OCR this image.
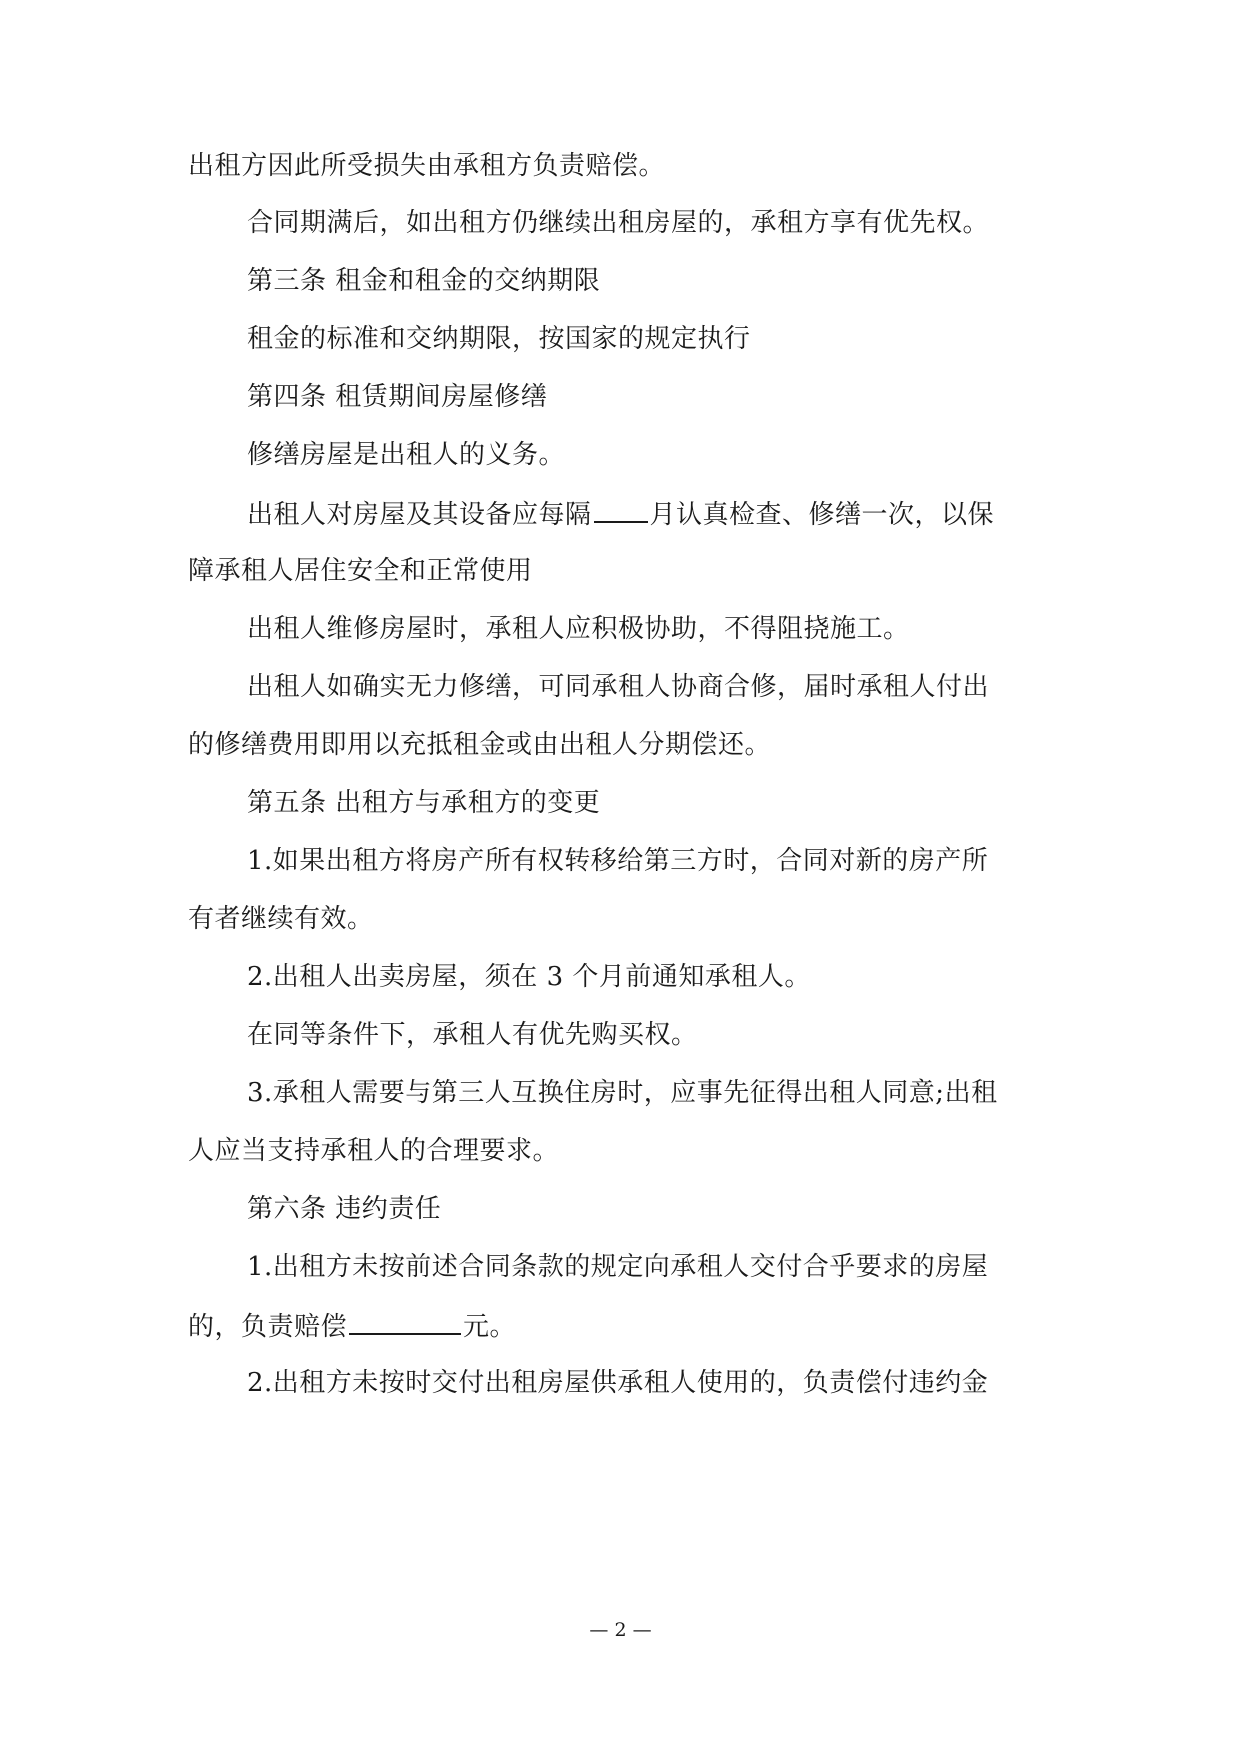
出租方因此所受损失由承租方负责赔偿。
合同期满后，如出租方仍继续出租房屋的，承租方享有优先权。
第三条 租金和租金的交纳期限
租金的标准和交纳期限，按国家的规定执行
第四条 租赁期间房屋修缮
修缮房屋是出租人的义务。
出租人对房屋及其设备应每隔 月认真检查、修缮一次，以保
障承租人居住安全和正常使用
出租人维修房屋时，承租人应积极协助，不得阻挠施工。
出租人如确实无力修缮，可同承租人协商合修，届时承租人付出
的修缮费用即用以充抵租金或由出租人分期偿还。
第五条 出租方与承租方的变更
1.如果出租方将房产所有权转移给第三方时，合同对新的房产所
有者继续有效。
2.出租人出卖房屋，须在 3 个月前通知承租人。
在同等条件下，承租人有优先购买权。
3.承租人需要与第三人互换住房时，应事先征得出租人同意;出租
人应当支持承租人的合理要求。
第六条 违约责任
1.出租方未按前述合同条款的规定向承租人交付合乎要求的房屋
的，负责赔偿	元。
2.出租方未按时交付出租房屋供承租人使用的，负责偿付违约金
— 2 —
